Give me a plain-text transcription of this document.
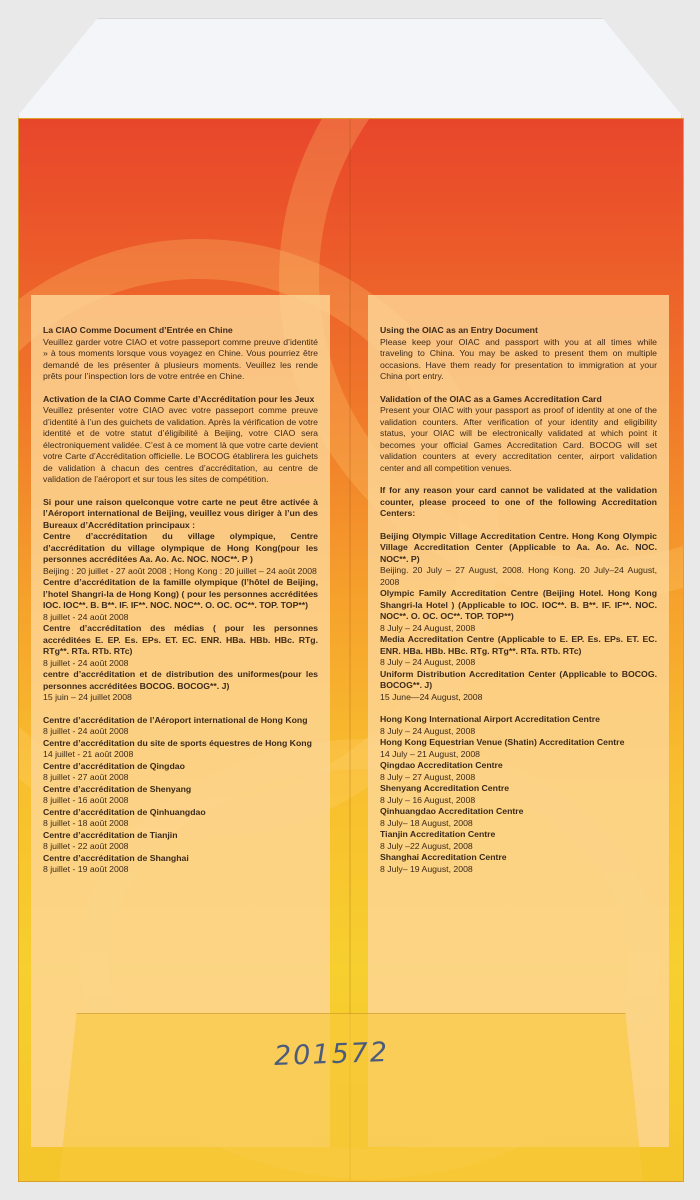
La CIAO Comme Document d’Entrée en Chine
Veuillez garder votre CIAO et votre passeport comme preuve d’identité » à tous moments lorsque vous voyagez en Chine. Vous pourriez être demandé de les présenter à plusieurs moments. Veuillez les rende prêts pour l’inspection lors de votre entrée en Chine.
Activation de la CIAO Comme Carte d’Accréditation pour les Jeux
Veuillez présenter votre CIAO avec votre passeport comme preuve d’identité à l’un des guichets de validation. Après la vérification de votre identité et de votre statut d’éligibilité à Beijing, votre CIAO sera électroniquement validée. C’est à ce moment là que votre carte devient votre Carte d’Accréditation officielle. Le BOCOG établirera les guichets de validation à chacun des centres d’accréditation, au centre de validation de l’aéroport et sur tous les sites de compétition.
Si pour une raison quelconque votre carte ne peut être activée à l’Aéroport international de Beijing, veuillez vous diriger à l’un des Bureaux d’Accréditation principaux :
Centre d’accréditation du village olympique, Centre d’accréditation du village olympique de Hong Kong(pour les personnes accréditées Aa. Ao. Ac. NOC. NOC**. P )
Beijing : 20 juillet - 27 août 2008 ; Hong Kong : 20 juillet – 24 août 2008
Centre d’accréditation de la famille olympique (l’hôtel de Beijing, l’hotel Shangri-la de Hong Kong) ( pour les personnes accréditées IOC. IOC**. B. B**. IF. IF**. NOC. NOC**. O. OC. OC**. TOP. TOP**)
8 juillet - 24 août 2008
Centre d’accréditation des médias ( pour les personnes accréditées E. EP. Es. EPs. ET. EC. ENR. HBa. HBb. HBc. RTg. RTg**. RTa. RTb. RTc)
8 juillet - 24 août 2008
centre d’accréditation et de distribution des uniformes(pour les personnes accréditées BOCOG. BOCOG**. J)
15 juin – 24 juillet 2008
Centre d’accréditation de l’Aéroport international de Hong Kong
8 juillet - 24 août 2008
Centre d’accréditation du site de sports équestres de Hong Kong
14 juillet - 21 août 2008
Centre d’accréditation de Qingdao
8 juillet - 27 août 2008
Centre d’accréditation de Shenyang
8 juillet - 16 août 2008
Centre d’accréditation de Qinhuangdao
8 juillet - 18 août 2008
Centre d’accréditation de Tianjin
8 juillet - 22 août 2008
Centre d’accréditation de Shanghai
8 juillet - 19 août 2008
Using the OIAC as an Entry Document
Please keep your OIAC and passport with you at all times while traveling to China. You may be asked to present them on multiple occasions. Have them ready for presentation to immigration at your China port entry.
Validation of the OIAC as a Games Accreditation Card
Present your OIAC with your passport as proof of identity at one of the validation counters. After verification of your identity and eligibility status, your OIAC will be electronically validated at which point it becomes your official Games Accreditation Card. BOCOG will set validation counters at every accreditation center, airport validation center and all competition venues.
If for any reason your card cannot be validated at the validation counter, please proceed to one of the following Accreditation Centers:
Beijing Olympic Village Accreditation Centre. Hong Kong Olympic Village Accreditation Center (Applicable to Aa. Ao. Ac. NOC. NOC**. P)
Beijing. 20 July – 27 August, 2008. Hong Kong. 20 July–24 August, 2008
Olympic Family Accreditation Centre (Beijing Hotel. Hong Kong Shangri-la Hotel ) (Applicable to IOC. IOC**. B. B**. IF. IF**. NOC. NOC**. O. OC. OC**. TOP. TOP**)
8 July – 24 August, 2008
Media Accreditation Centre (Applicable to E. EP. Es. EPs. ET. EC. ENR. HBa. HBb. HBc. RTg. RTg**. RTa. RTb. RTc)
8 July – 24 August, 2008
Uniform Distribution Accreditation Center (Applicable to BOCOG. BOCOG**. J)
15 June—24 August, 2008
Hong Kong International Airport Accreditation Centre
8 July – 24 August, 2008
Hong Kong Equestrian Venue (Shatin) Accreditation Centre
14 July – 21 August, 2008
Qingdao Accreditation Centre
8 July – 27 August, 2008
Shenyang Accreditation Centre
8 July – 16 August, 2008
Qinhuangdao Accreditation Centre
8 July– 18 August, 2008
Tianjin Accreditation Centre
8 July –22 August, 2008
Shanghai Accreditation Centre
8 July– 19 August, 2008
201572
